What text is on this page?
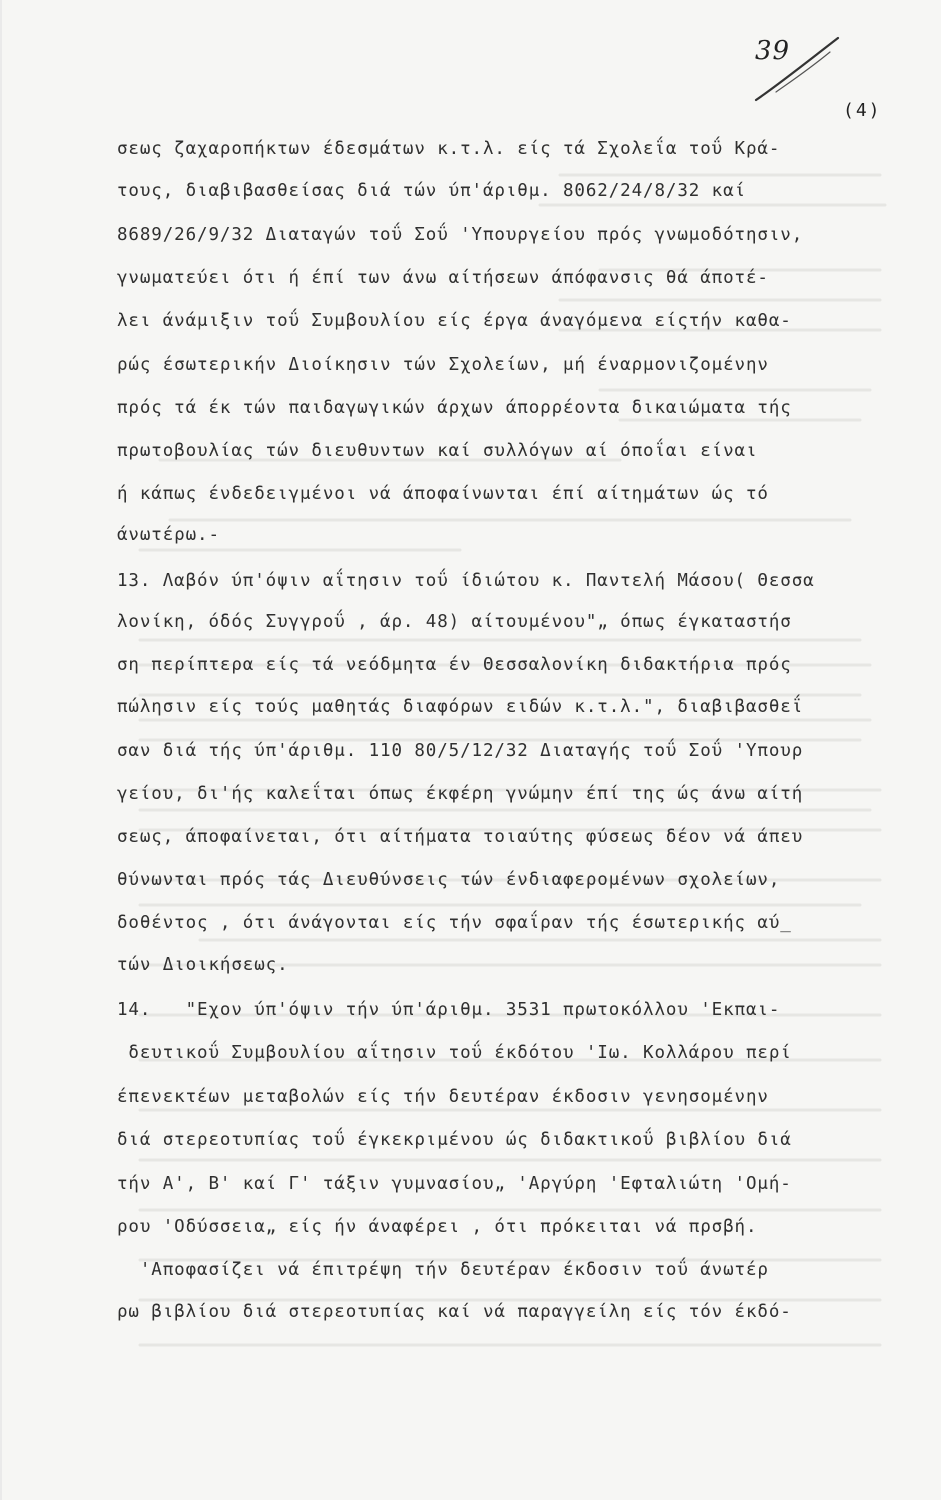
39
(4)
σεως ζαχαροπήκτων έδεσμάτων κ.τ.λ. είς τά Σχολεΐα τοΰ Κρά-
τους, διαβιβασθείσας διά τών ύπ'άριθμ. 8062/24/8/32 καί
8689/26/9/32 Διαταγών τοΰ Σοΰ 'Υπουργείου πρός γνωμοδότησιν,
γνωματεύει ότι ή έπί των άνω αίτήσεων άπόφανσις θά άποτέ-
λει άνάμιξιν τοΰ Συμβουλίου είς έργα άναγόμενα είςτήν καθα-
ρώς έσωτερικήν Διοίκησιν τών Σχολείων, μή έναρμονιζομένην
πρός τά έκ τών παιδαγωγικών άρχων άπορρέοντα δικαιώματα τής
πρωτοβουλίας τών διευθυντων καί συλλόγων αί όποΐαι είναι
ή κάπως ένδεδειγμένοι νά άποφαίνωνται έπί αίτημάτων ώς τό
άνωτέρω.-
13. Λαβόν ύπ'όψιν αΐτησιν τοΰ ίδιώτου κ. Παντελή Μάσου( Θεσσα
λονίκη, όδός Συγγροΰ , άρ. 48) αίτουμένου"„ όπως έγκαταστήσ
ση περίπτερα είς τά νεόδμητα έν Θεσσαλονίκη διδακτήρια πρός
πώλησιν είς τούς μαθητάς διαφόρων ειδών κ.τ.λ.", διαβιβασθεΐ
σαν διά τής ύπ'άριθμ. 110 80/5/12/32 Διαταγής τοΰ Σοΰ 'Υπουρ
γείου, δι'ής καλεΐται όπως έκφέρη γνώμην έπί της ώς άνω αίτή
σεως, άποφαίνεται, ότι αίτήματα τοιαύτης φύσεως δέον νά άπευ
θύνωνται πρός τάς Διευθύνσεις τών ένδιαφερομένων σχολείων,
δοθέντος , ότι άνάγονται είς τήν σφαΐραν τής έσωτερικής αύ_
τών Διοικήσεως.
14.   "Εχον ύπ'όψιν τήν ύπ'άριθμ. 3531 πρωτοκόλλου 'Εκπαι-
δευτικοΰ Συμβουλίου αΐτησιν τοΰ έκδότου 'Ιω. Κολλάρου περί
έπενεκτέων μεταβολών είς τήν δευτέραν έκδοσιν γενησομένην
διά στερεοτυπίας τοΰ έγκεκριμένου ώς διδακτικοΰ βιβλίου διά
τήν Α', Β' καί Γ' τάξιν γυμνασίου„ 'Αργύρη 'Εφταλιώτη 'Ομή-
ρου 'Οδύσσεια„ είς ήν άναφέρει , ότι πρόκειται νά πρσβή.
'Αποφασίζει νά έπιτρέψη τήν δευτέραν έκδοσιν τοΰ άνωτέρ
ρω βιβλίου διά στερεοτυπίας καί νά παραγγείλη είς τόν έκδό-
